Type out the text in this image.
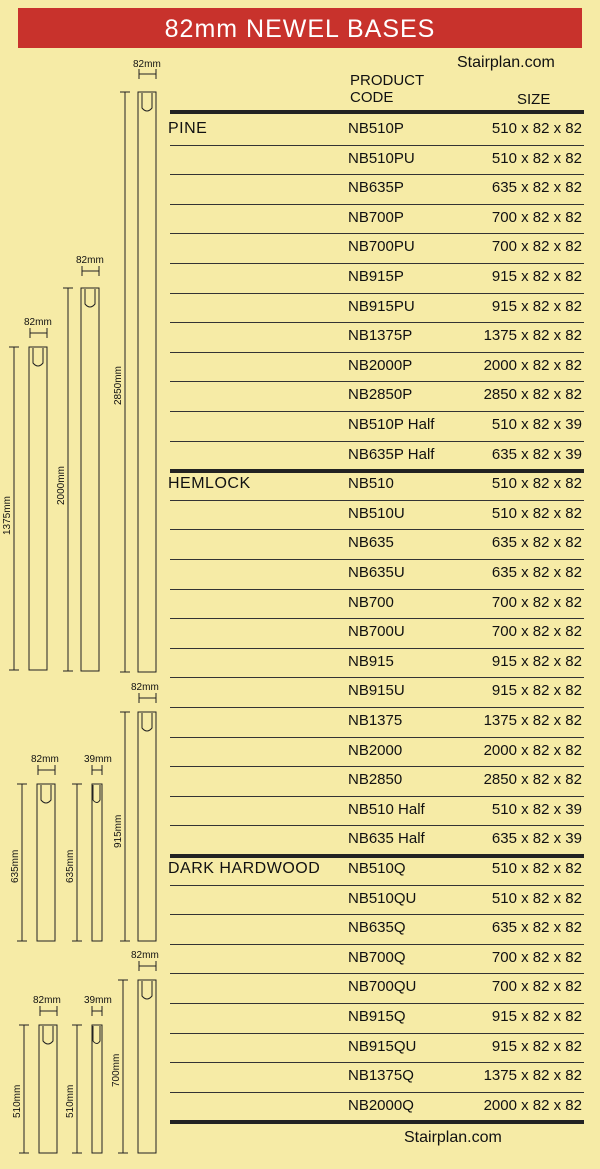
82mm NEWEL BASES
Stairplan.com
PRODUCT
CODE	SIZE
PINE	NB510P	510 x 82 x 82
NB510PU	510 x 82 x 82
NB635P	635 x 82 x 82
NB700P	700 x 82 x 82
NB700PU	700 x 82 x 82
NB915P	915 x 82 x 82
NB915PU	915 x 82 x 82
NB1375P	1375 x 82 x 82
NB2000P	2000 x 82 x 82
NB2850P	2850 x 82 x 82
NB510P Half	510 x 82 x 39
NB635P Half	635 x 82 x 39
HEMLOCK	NB510	510 x 82 x 82
NB510U	510 x 82 x 82
NB635	635 x 82 x 82
NB635U	635 x 82 x 82
NB700	700 x 82 x 82
NB700U	700 x 82 x 82
NB915	915 x 82 x 82
NB915U	915 x 82 x 82
NB1375	1375 x 82 x 82
NB2000	2000 x 82 x 82
NB2850	2850 x 82 x 82
NB510 Half	510 x 82 x 39
NB635 Half	635 x 82 x 39
DARK HARDWOOD NB510Q	510 x 82 x 82
NB510QU	510 x 82 x 82
NB635Q	635 x 82 x 82
NB700Q	700 x 82 x 82
NB700QU	700 x 82 x 82
NB915Q	915 x 82 x 82
NB915QU	915 x 82 x 82
NB1375Q	1375 x 82 x 82
NB2000Q	2000 x 82 x 82
82mm
2850mm
82mm
2000mm
82mm
1375mm
82mm
915mm
82mm
635mm
39mm
635mm
82mm
700mm
82mm
510mm
39mm
510mm
Stairplan.com
